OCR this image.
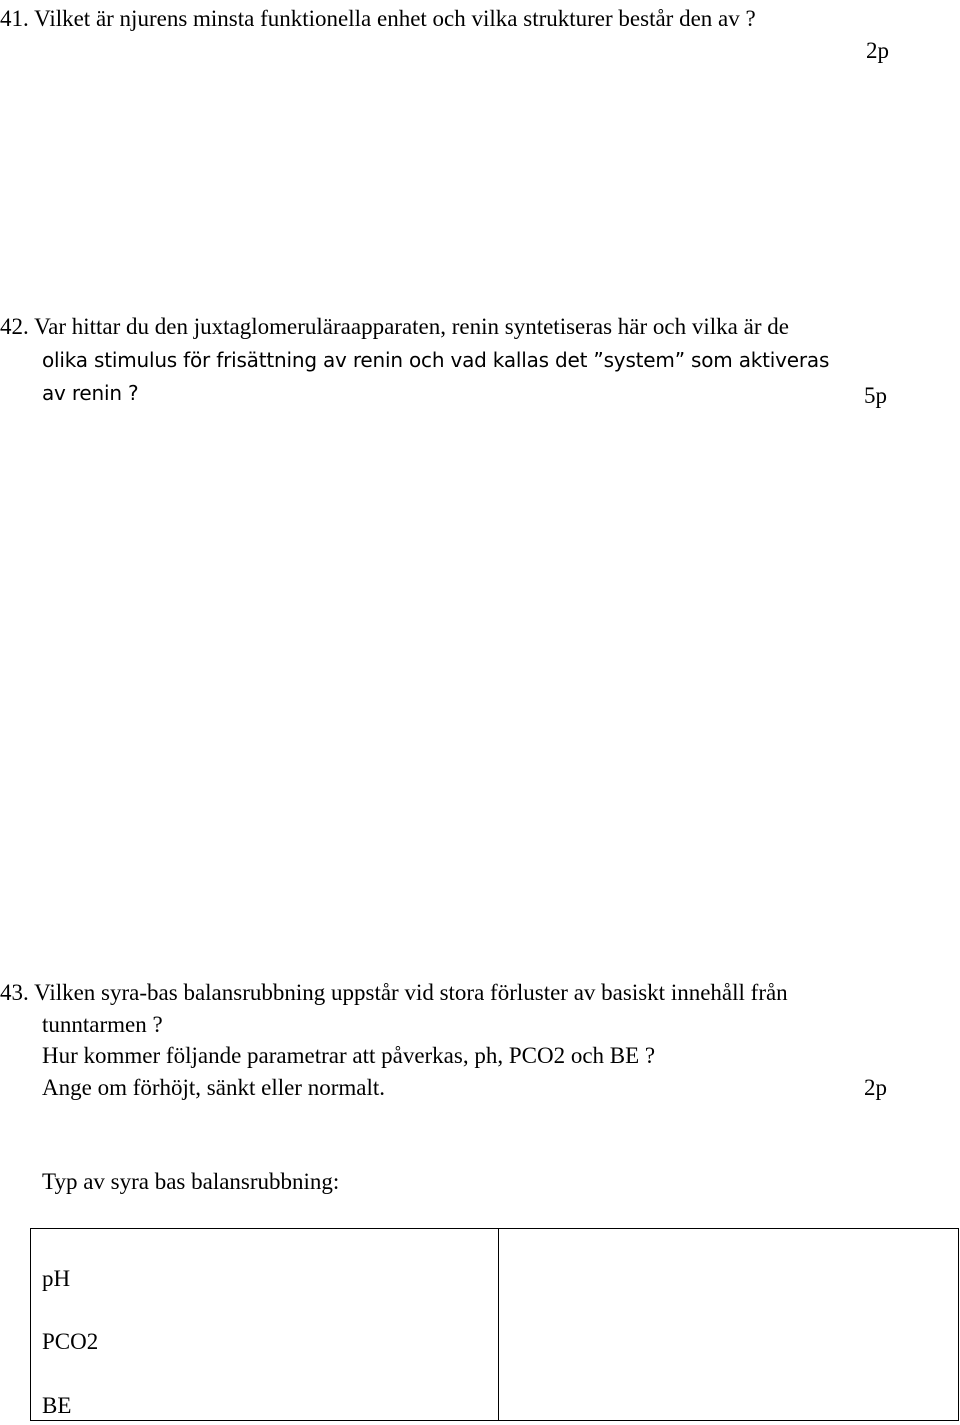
41. Vilket är njurens minsta funktionella enhet och vilka strukturer består den av ?
2p
42. Var hittar du den juxtaglomeruläraapparaten, renin syntetiseras här och vilka är de
olika stimulus för frisättning av renin och vad kallas det ”system” som aktiveras
av renin ?	5p
43. Vilken syra-bas balansrubbning uppstår vid stora förluster av basiskt innehåll från
tunntarmen ?
Hur kommer följande parametrar att påverkas, ph, PCO2 och BE ?
Ange om förhöjt, sänkt eller normalt.	2p
Typ av syra bas balansrubbning:
pH
PCO2
BE
